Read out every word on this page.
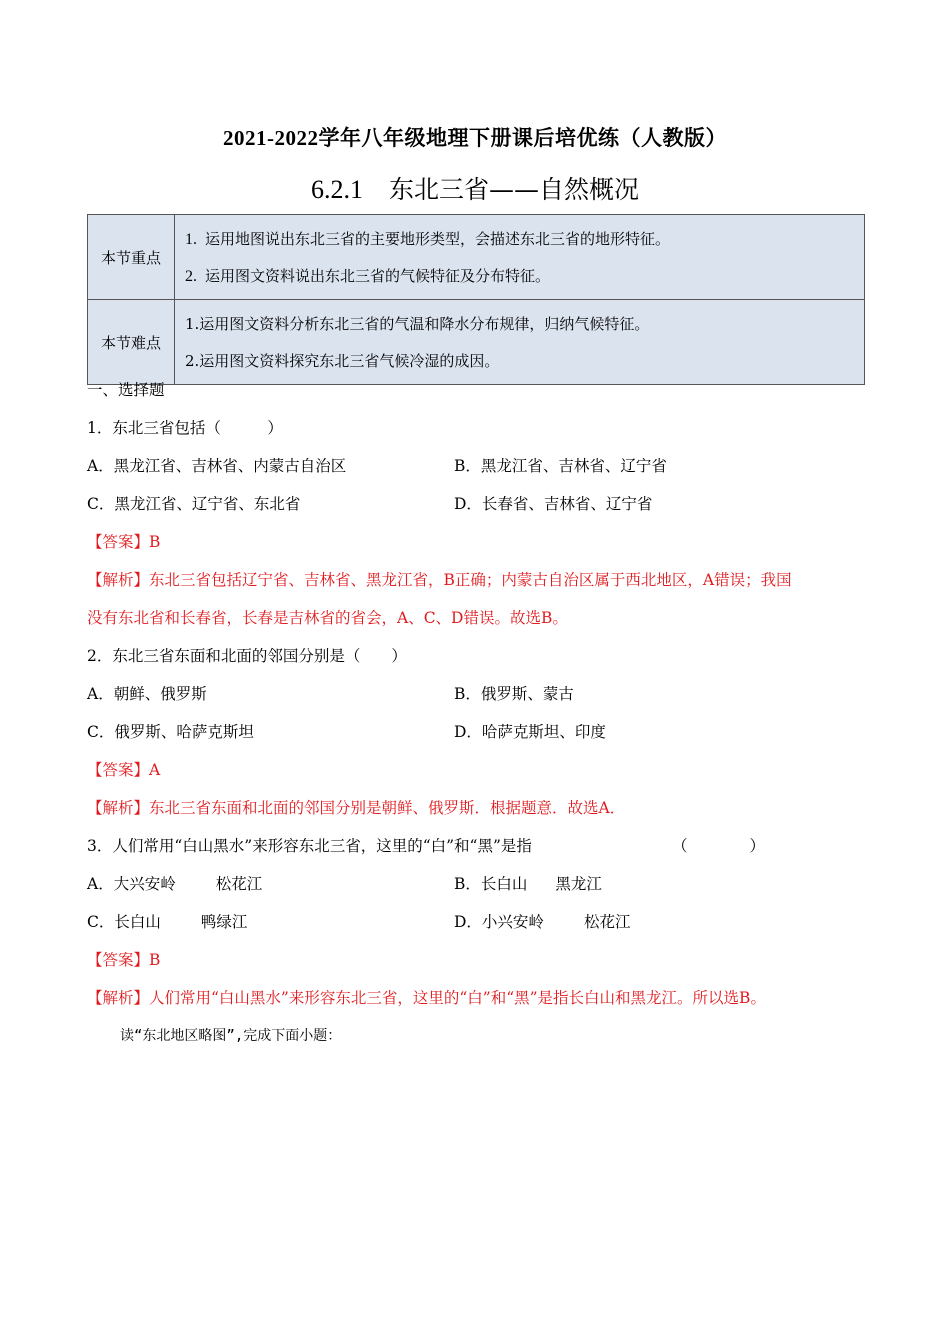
2021-2022学年八年级地理下册课后培优练（人教版）
6.2.1 东北三省——自然概况
本节重点	1. 运用地图说出东北三省的主要地形类型，会描述东北三省的地形特征。
2. 运用图文资料说出东北三省的气候特征及分布特征。

本节难点	1.运用图文资料分析东北三省的气温和降水分布规律，归纳气候特征。
2.运用图文资料探究东北三省气候冷湿的成因。
一、选择题
1．东北三省包括（　　　）
A．黑龙江省、吉林省、内蒙古自治区	B．黑龙江省、吉林省、辽宁省
C．黑龙江省、辽宁省、东北省	D．长春省、吉林省、辽宁省
【答案】B
【解析】东北三省包括辽宁省、吉林省、黑龙江省，B正确；内蒙古自治区属于西北地区，A错误；我国
没有东北省和长春省，长春是吉林省的省会，A、C、D错误。故选B。
2．东北三省东面和北面的邻国分别是（　　）
A．朝鲜、俄罗斯	B．俄罗斯、蒙古
C．俄罗斯、哈萨克斯坦	D．哈萨克斯坦、印度
【答案】A
【解析】东北三省东面和北面的邻国分别是朝鲜、俄罗斯．根据题意．故选A．
3．人们常用“白山黑水”来形容东北三省，这里的“白”和“黑”是指	（　　　　）
A．大兴安岭	松花江	B．长白山 黑龙江
C．长白山	鸭绿江	D．小兴安岭	松花江
【答案】B
【解析】人们常用“白山黑水”来形容东北三省，这里的“白”和“黑”是指长白山和黑龙江。所以选B。
读“东北地区略图”,完成下面小题：
